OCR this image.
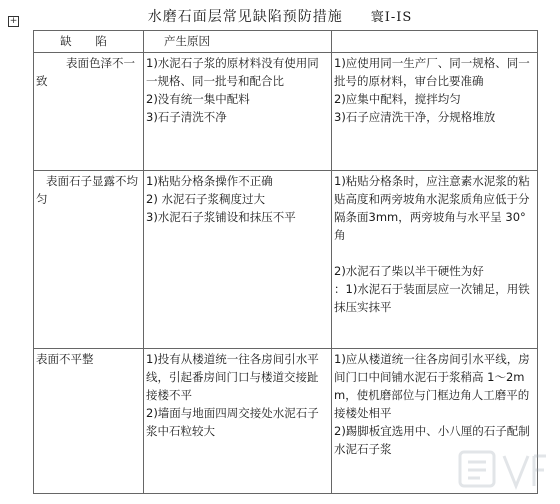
+	水磨石面层常见缺陷预防措施 寰I-IS
缺 陷	产生原因	
表面色泽不一致	1)水泥石子浆的原材料没有使用同一规格、同一批号和配合比
2)没有统一集中配料
3)石子清洗不净	1)应使用同一生产厂、同一规格、同一批号的原材料，审台比要准确
2)应集中配料，搅拌均匀
3)石子应清洗干净，分规格堆放

表面石子显露不均匀	1)粘贴分格条操作不正确
2) 水泥石子浆稠度过大
3)水泥石子浆铺设和抹压不平	1)粘贴分格条时，应注意素水泥浆的粘贴高度和两旁坡角水泥浆质角应低于分隔条面3mm，两旁坡角与水平呈 30°角
2)水泥石了柴以半干硬性为好
：1)水泥石于装面层应一次铺足，用铁抹压实抹平

表面不平整	1)投有从楼道统一往各房间引水平线，引起番房间门口与楼道交接趾接楼不平
2)墙面与地面四周交接处水泥石子浆中石粒较大	1)应从楼道统一往各房间引水平线，房间门口中间铺水泥石于浆稍高 1～2mm，使机磨部位与门框边角人工磨平的接楼处相平
2)踢脚板宜选用中、小八厘的石子配制水泥石子浆
